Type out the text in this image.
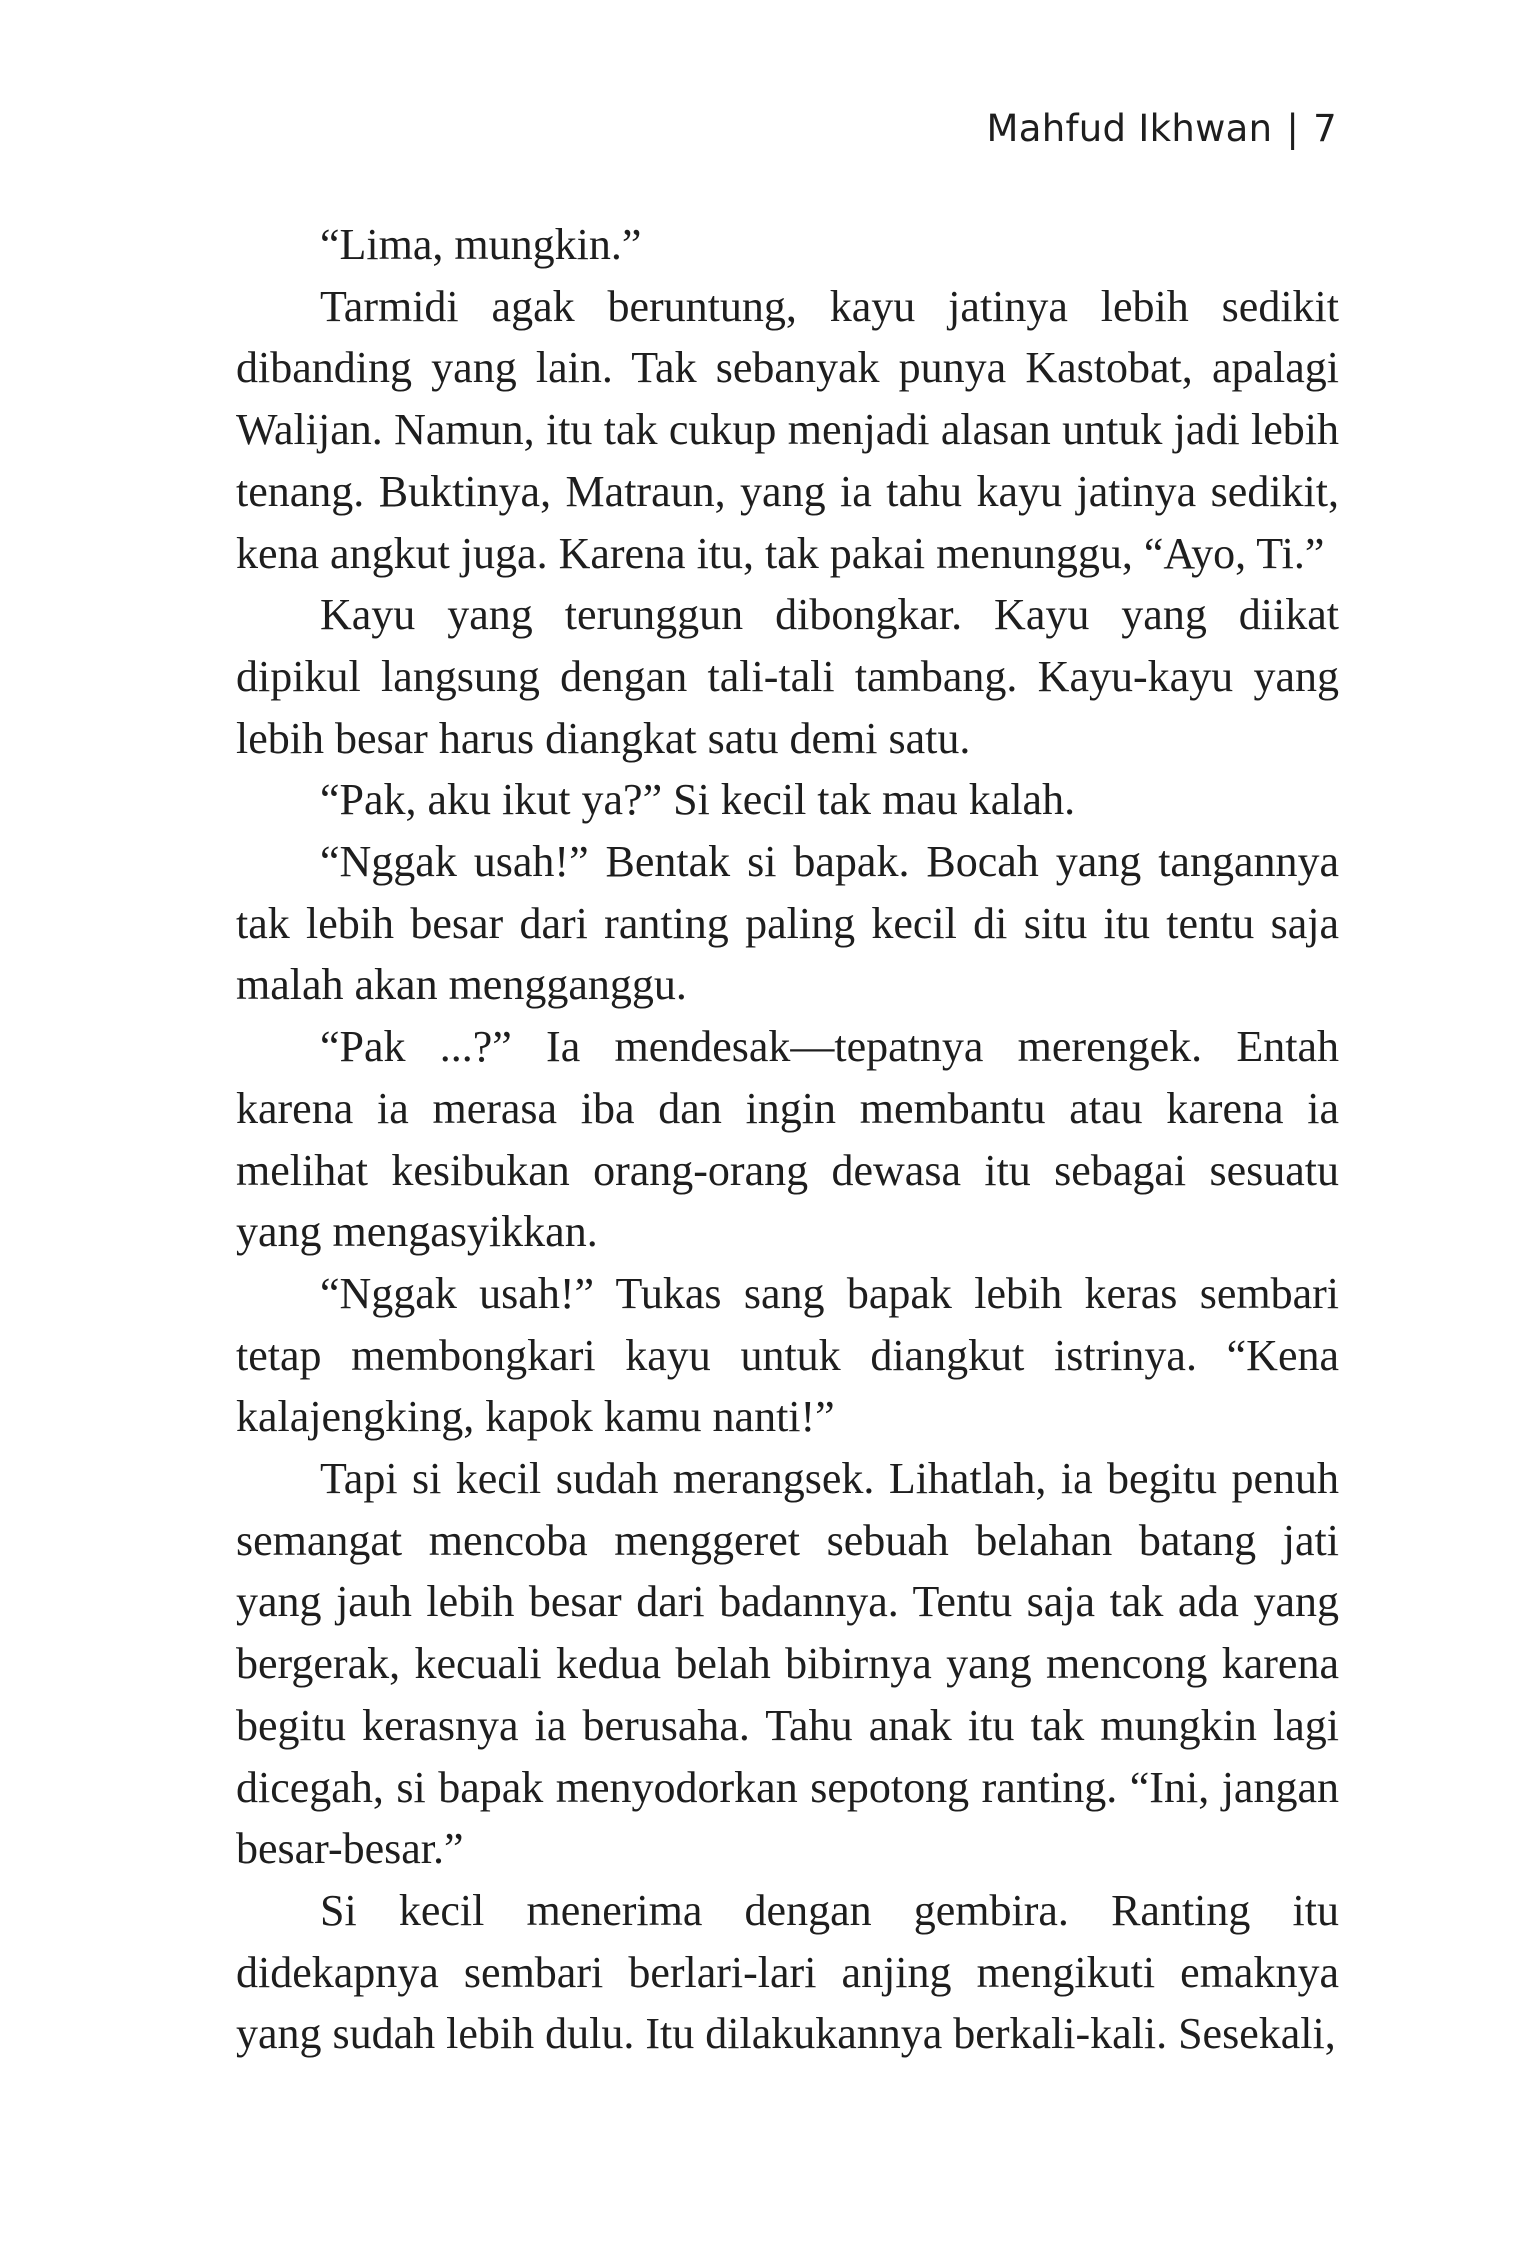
Mahfud Ikhwan | 7

“Lima, mungkin.”

Tarmidi agak beruntung, kayu jatinya lebih sedikit dibanding yang lain. Tak sebanyak punya Kastobat, apalagi Walijan. Namun, itu tak cukup menjadi alasan untuk jadi lebih tenang. Buktinya, Matraun, yang ia tahu kayu jatinya sedikit, kena angkut juga. Karena itu, tak pakai menunggu, “Ayo, Ti.”

Kayu yang terunggun dibongkar. Kayu yang diikat dipikul langsung dengan tali-tali tambang. Kayu-kayu yang lebih besar harus diangkat satu demi satu.

“Pak, aku ikut ya?” Si kecil tak mau kalah.

“Nggak usah!” Bentak si bapak. Bocah yang tangannya tak lebih besar dari ranting paling kecil di situ itu tentu saja malah akan mengganggu.

“Pak ...?” Ia mendesak—tepatnya merengek. Entah karena ia merasa iba dan ingin membantu atau karena ia melihat kesibukan orang-orang dewasa itu sebagai sesuatu yang mengasyikkan.

“Nggak usah!” Tukas sang bapak lebih keras sembari tetap membongkari kayu untuk diangkut istrinya. “Kena kalajengking, kapok kamu nanti!”

Tapi si kecil sudah merangsek. Lihatlah, ia begitu penuh semangat mencoba menggeret sebuah belahan batang jati yang jauh lebih besar dari badannya. Tentu saja tak ada yang bergerak, kecuali kedua belah bibirnya yang mencong karena begitu kerasnya ia berusaha. Tahu anak itu tak mungkin lagi dicegah, si bapak menyodorkan sepotong ranting. “Ini, jangan besar-besar.”

Si kecil menerima dengan gembira. Ranting itu didekapnya sembari berlari-lari anjing mengikuti emaknya yang sudah lebih dulu. Itu dilakukannya berkali-kali. Sesekali,
